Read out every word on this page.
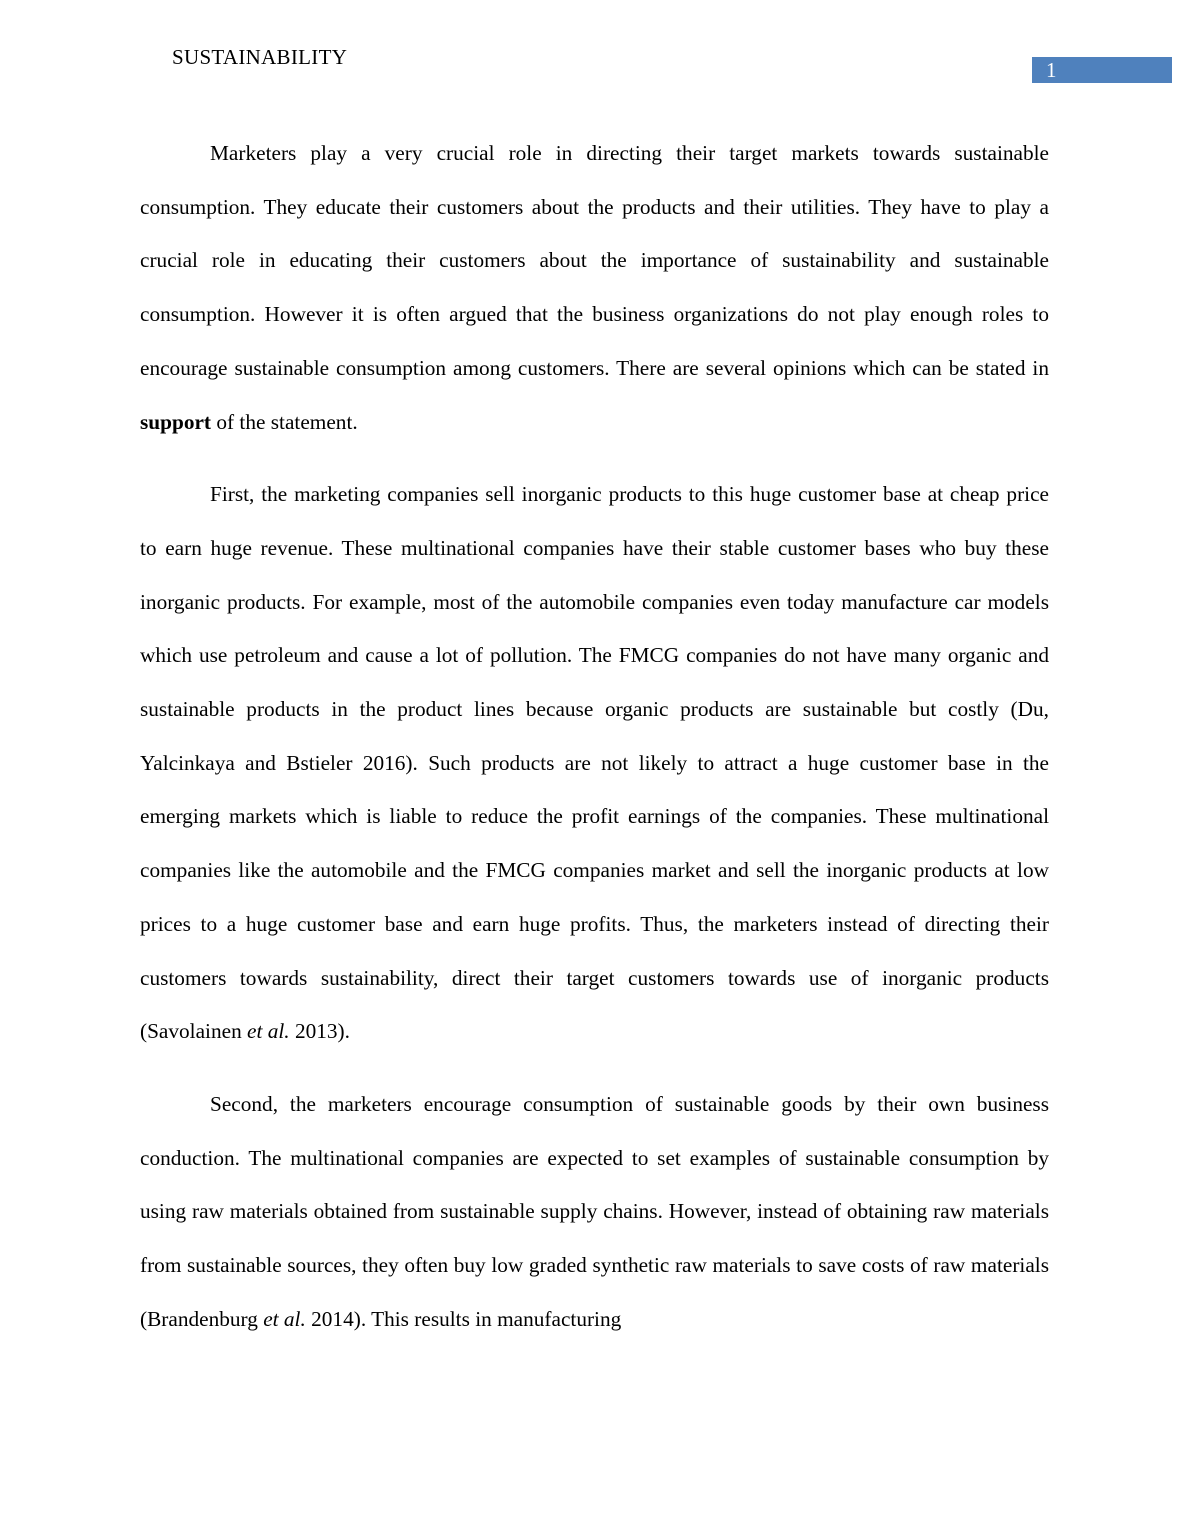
SUSTAINABILITY
1

Marketers play a very crucial role in directing their target markets towards sustainable consumption. They educate their customers about the products and their utilities. They have to play a crucial role in educating their customers about the importance of sustainability and sustainable consumption. However it is often argued that the business organizations do not play enough roles to encourage sustainable consumption among customers. There are several opinions which can be stated in support of the statement.

First, the marketing companies sell inorganic products to this huge customer base at cheap price to earn huge revenue. These multinational companies have their stable customer bases who buy these inorganic products. For example, most of the automobile companies even today manufacture car models which use petroleum and cause a lot of pollution. The FMCG companies do not have many organic and sustainable products in the product lines because organic products are sustainable but costly (Du, Yalcinkaya and Bstieler 2016). Such products are not likely to attract a huge customer base in the emerging markets which is liable to reduce the profit earnings of the companies. These multinational companies like the automobile and the FMCG companies market and sell the inorganic products at low prices to a huge customer base and earn huge profits. Thus, the marketers instead of directing their customers towards sustainability, direct their target customers towards use of inorganic products (Savolainen et al. 2013).

Second, the marketers encourage consumption of sustainable goods by their own business conduction. The multinational companies are expected to set examples of sustainable consumption by using raw materials obtained from sustainable supply chains. However, instead of obtaining raw materials from sustainable sources, they often buy low graded synthetic raw materials to save costs of raw materials (Brandenburg et al. 2014). This results in manufacturing
